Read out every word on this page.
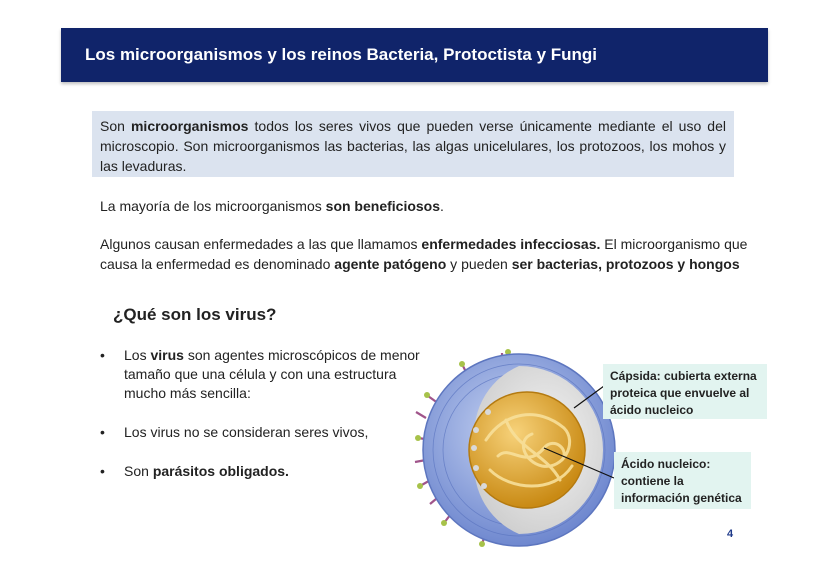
Los microorganismos y los reinos Bacteria, Protoctista y Fungi
Son microorganismos todos los seres vivos que pueden verse únicamente mediante el uso del microscopio. Son microorganismos las bacterias, las algas unicelulares, los protozoos, los mohos y las levaduras.
La mayoría de los microorganismos son beneficiosos.
Algunos causan enfermedades a las que llamamos enfermedades infecciosas. El microorganismo que causa la enfermedad es denominado agente patógeno y pueden ser bacterias, protozoos y hongos
¿Qué son los virus?
• Los virus son agentes microscópicos de menor tamaño que una célula y con una estructura mucho más sencilla:
• Los virus no se consideran seres vivos,
• Son parásitos obligados.
Cápsida: cubierta externa proteica que envuelve al ácido nucleico
Ácido nucleico: contiene la información genética
4
